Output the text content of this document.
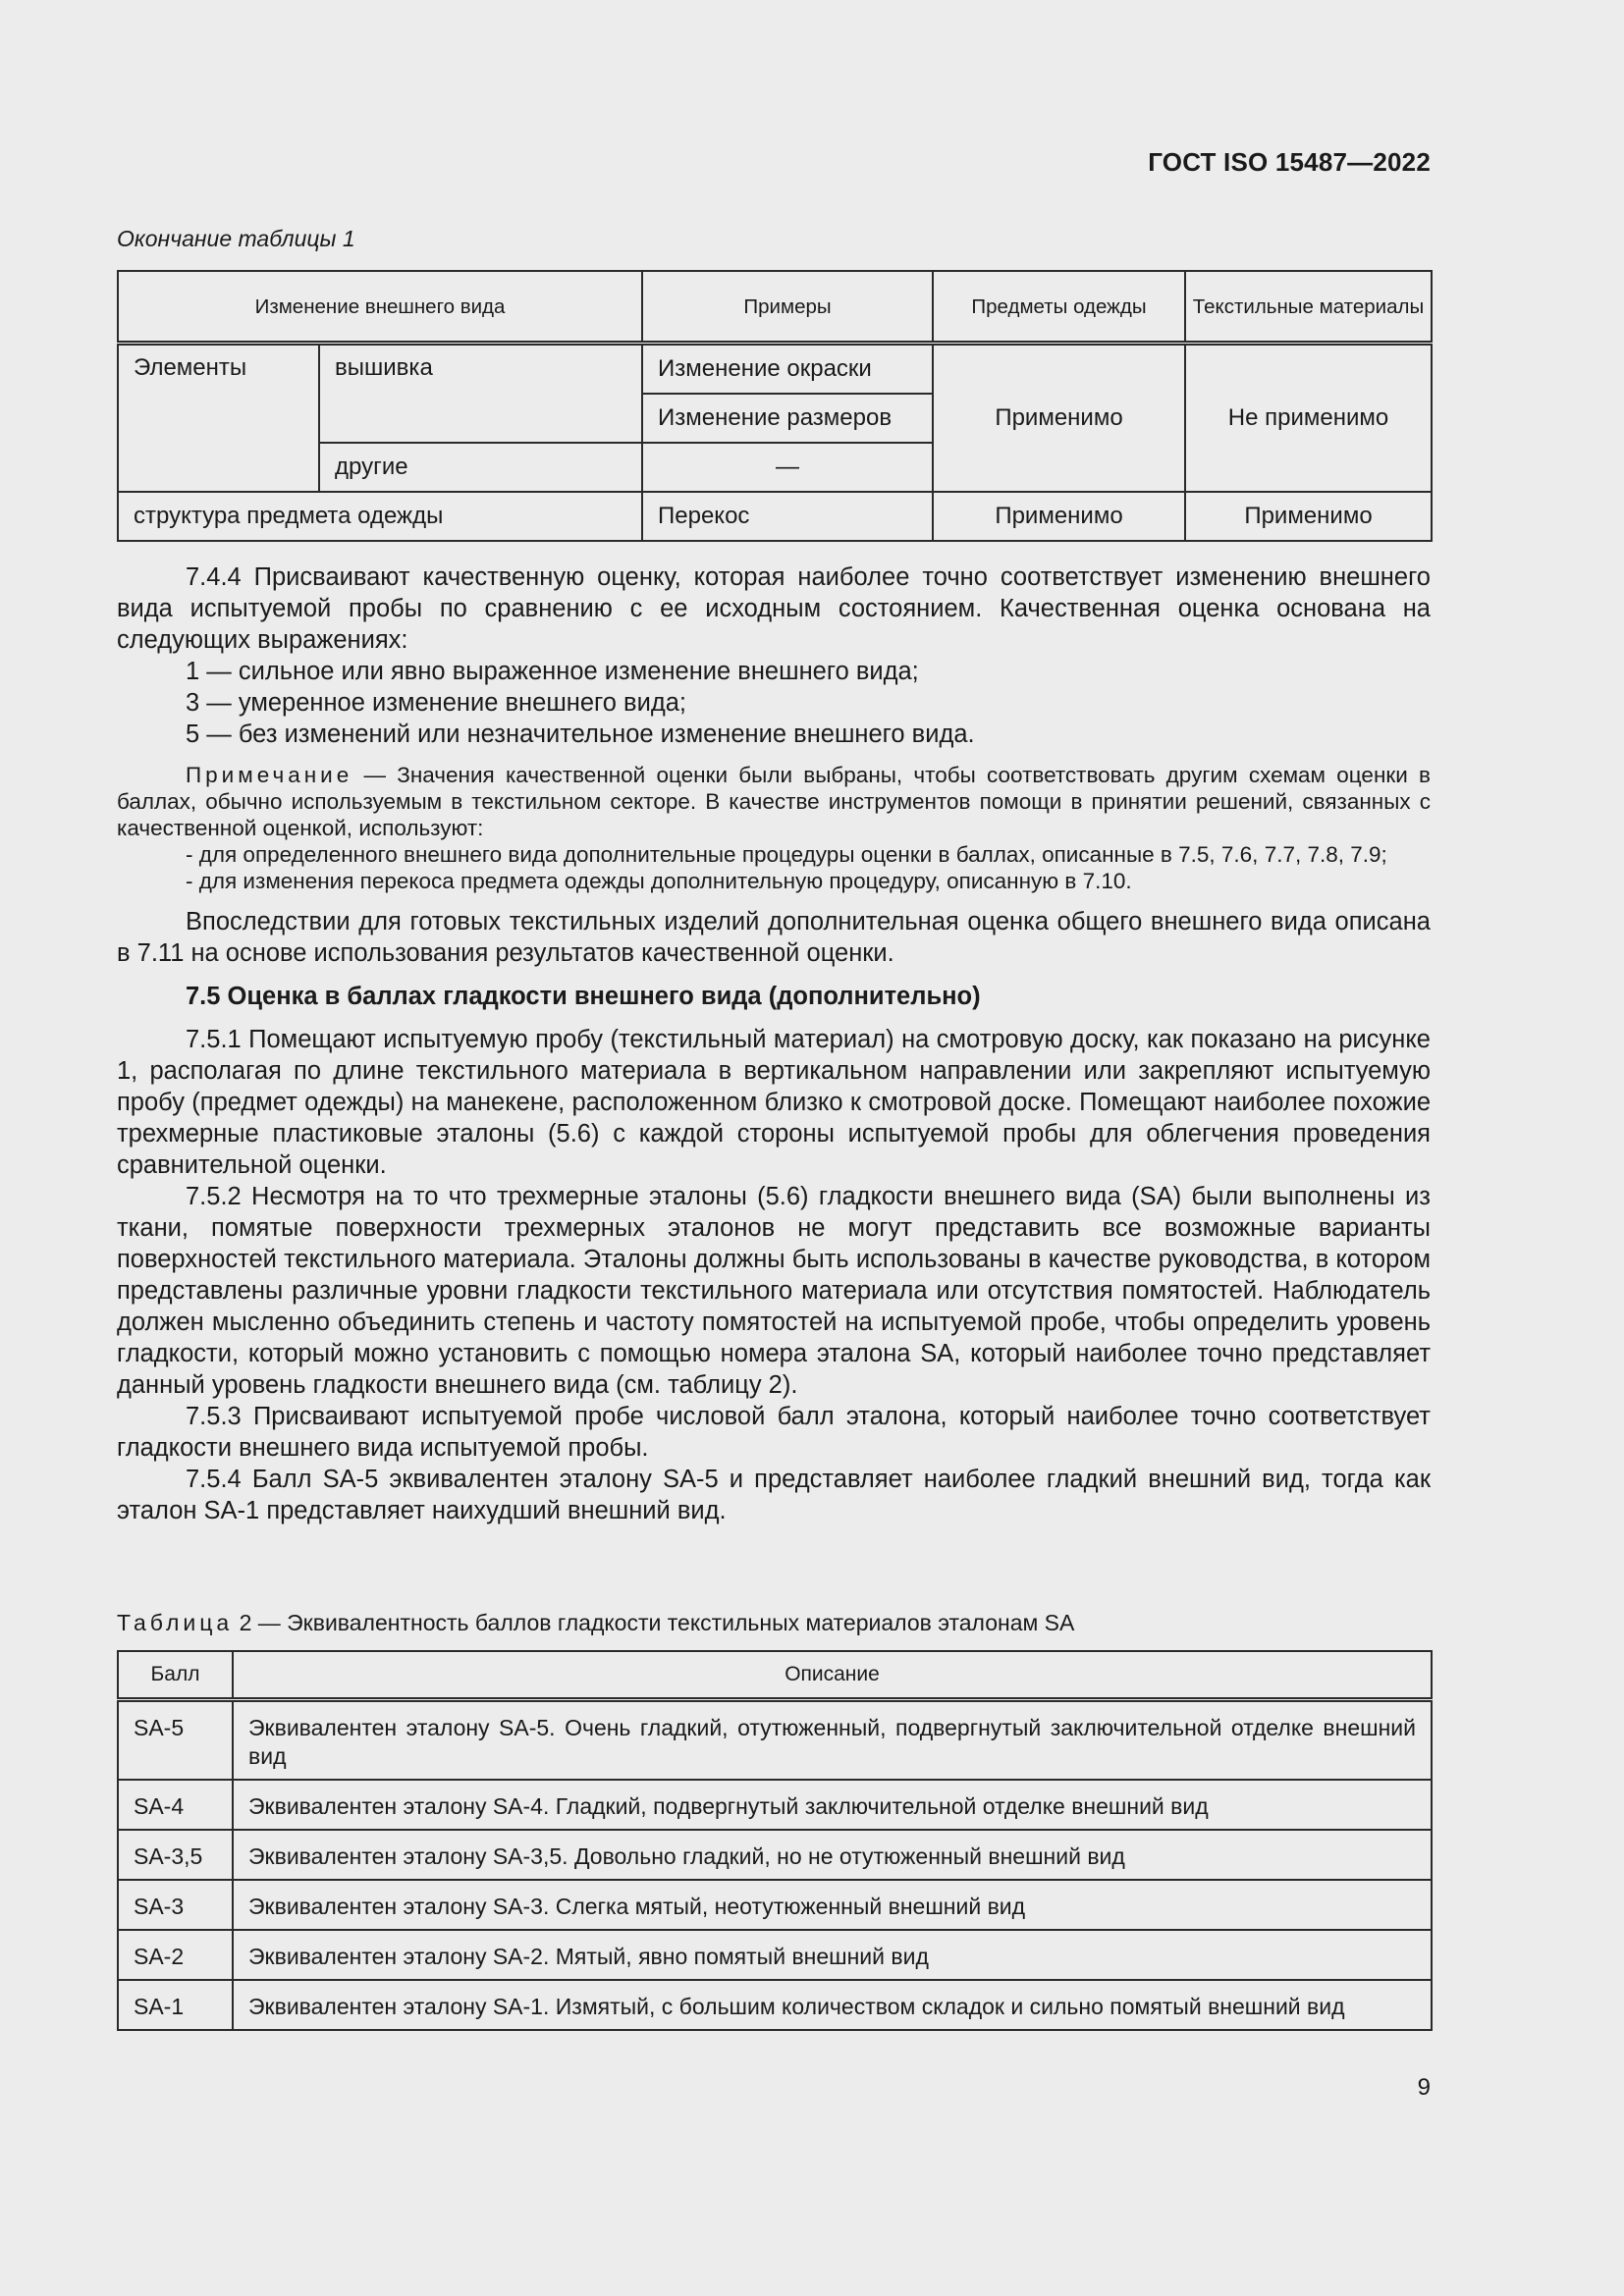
ГОСТ ISO 15487—2022
Окончание таблицы 1
Изменение внешнего вида		Примеры	Предметы одежды	Текстильные материалы
Элементы	вышивка	Изменение окраски	Применимо	Не применимо
		Изменение размеров		
	другие	—		
структура предмета одежды		Перекос	Применимо	Применимо

7.4.4 Присваивают качественную оценку, которая наиболее точно соответствует изменению внешнего вида испытуемой пробы по сравнению с ее исходным состоянием. Качественная оценка основана на следующих выражениях:

1 — сильное или явно выраженное изменение внешнего вида;

3 — умеренное изменение внешнего вида;

5 — без изменений или незначительное изменение внешнего вида.

Примечание — Значения качественной оценки были выбраны, чтобы соответствовать другим схемам оценки в баллах, обычно используемым в текстильном секторе. В качестве инструментов помощи в принятии решений, связанных с качественной оценкой, используют:

- для определенного внешнего вида дополнительные процедуры оценки в баллах, описанные в 7.5, 7.6, 7.7, 7.8, 7.9;

- для изменения перекоса предмета одежды дополнительную процедуру, описанную в 7.10.

Впоследствии для готовых текстильных изделий дополнительная оценка общего внешнего вида описана в 7.11 на основе использования результатов качественной оценки.

7.5 Оценка в баллах гладкости внешнего вида (дополнительно)

7.5.1 Помещают испытуемую пробу (текстильный материал) на смотровую доску, как показано на рисунке 1, располагая по длине текстильного материала в вертикальном направлении или закрепляют испытуемую пробу (предмет одежды) на манекене, расположенном близко к смотровой доске. Помещают наиболее похожие трехмерные пластиковые эталоны (5.6) с каждой стороны испытуемой пробы для облегчения проведения сравнительной оценки.

7.5.2 Несмотря на то что трехмерные эталоны (5.6) гладкости внешнего вида (SA) были выполнены из ткани, помятые поверхности трехмерных эталонов не могут представить все возможные варианты поверхностей текстильного материала. Эталоны должны быть использованы в качестве руководства, в котором представлены различные уровни гладкости текстильного материала или отсутствия помятостей. Наблюдатель должен мысленно объединить степень и частоту помятостей на испытуемой пробе, чтобы определить уровень гладкости, который можно установить с помощью номера эталона SA, который наиболее точно представляет данный уровень гладкости внешнего вида (см. таблицу 2).

7.5.3 Присваивают испытуемой пробе числовой балл эталона, который наиболее точно соответствует гладкости внешнего вида испытуемой пробы.

7.5.4 Балл SA-5 эквивалентен эталону SA-5 и представляет наиболее гладкий внешний вид, тогда как эталон SA-1 представляет наихудший внешний вид.

Таблица 2 — Эквивалентность баллов гладкости текстильных материалов эталонам SA
Балл	Описание
SA-5	Эквивалентен эталону SA-5. Очень гладкий, отутюженный, подвергнутый заключительной отделке внешний вид
SA-4	Эквивалентен эталону SA-4. Гладкий, подвергнутый заключительной отделке внешний вид
SA-3,5	Эквивалентен эталону SA-3,5. Довольно гладкий, но не отутюженный внешний вид
SA-3	Эквивалентен эталону SA-3. Слегка мятый, неотутюженный внешний вид
SA-2	Эквивалентен эталону SA-2. Мятый, явно помятый внешний вид
SA-1	Эквивалентен эталону SA-1. Измятый, с большим количеством складок и сильно помятый внешний вид
9
